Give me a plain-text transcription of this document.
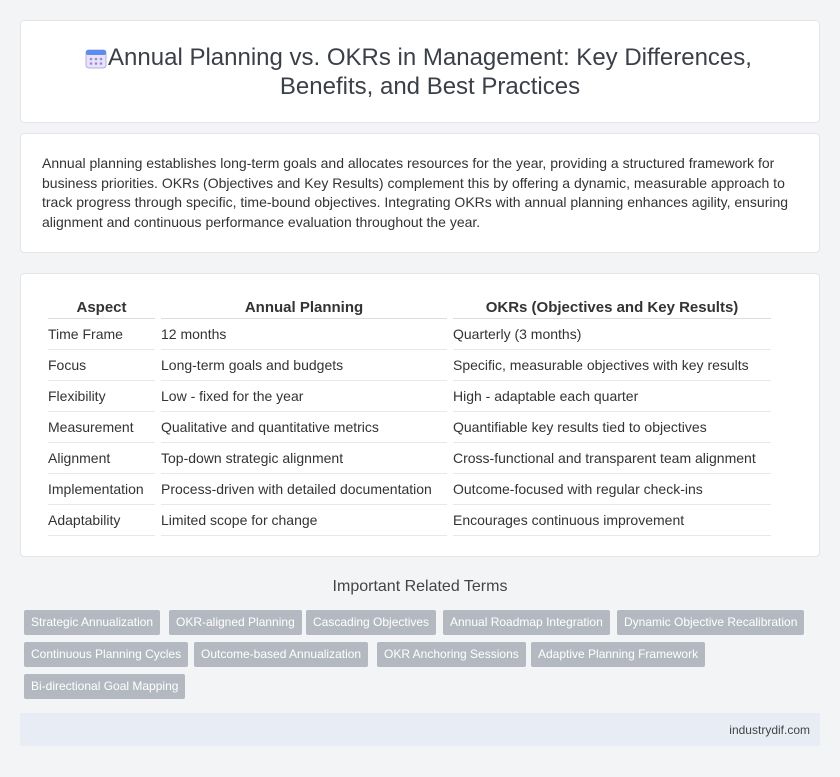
Annual Planning vs. OKRs in Management: Key Differences, Benefits, and Best Practices

Annual planning establishes long-term goals and allocates resources for the year, providing a structured framework for business priorities. OKRs (Objectives and Key Results) complement this by offering a dynamic, measurable approach to track progress through specific, time-bound objectives. Integrating OKRs with annual planning enhances agility, ensuring alignment and continuous performance evaluation throughout the year.

Aspect	Annual Planning	OKRs (Objectives and Key Results)
Time Frame	12 months	Quarterly (3 months)
Focus	Long-term goals and budgets	Specific, measurable objectives with key results
Flexibility	Low - fixed for the year	High - adaptable each quarter
Measurement	Qualitative and quantitative metrics	Quantifiable key results tied to objectives
Alignment	Top-down strategic alignment	Cross-functional and transparent team alignment
Implementation	Process-driven with detailed documentation	Outcome-focused with regular check-ins
Adaptability	Limited scope for change	Encourages continuous improvement
Important Related Terms
Strategic Annualization	OKR-aligned Planning	Cascading Objectives	Annual Roadmap Integration	Dynamic Objective Recalibration
Continuous Planning Cycles	Outcome-based Annualization	OKR Anchoring Sessions	Adaptive Planning Framework
Bi-directional Goal Mapping
industrydif.com
